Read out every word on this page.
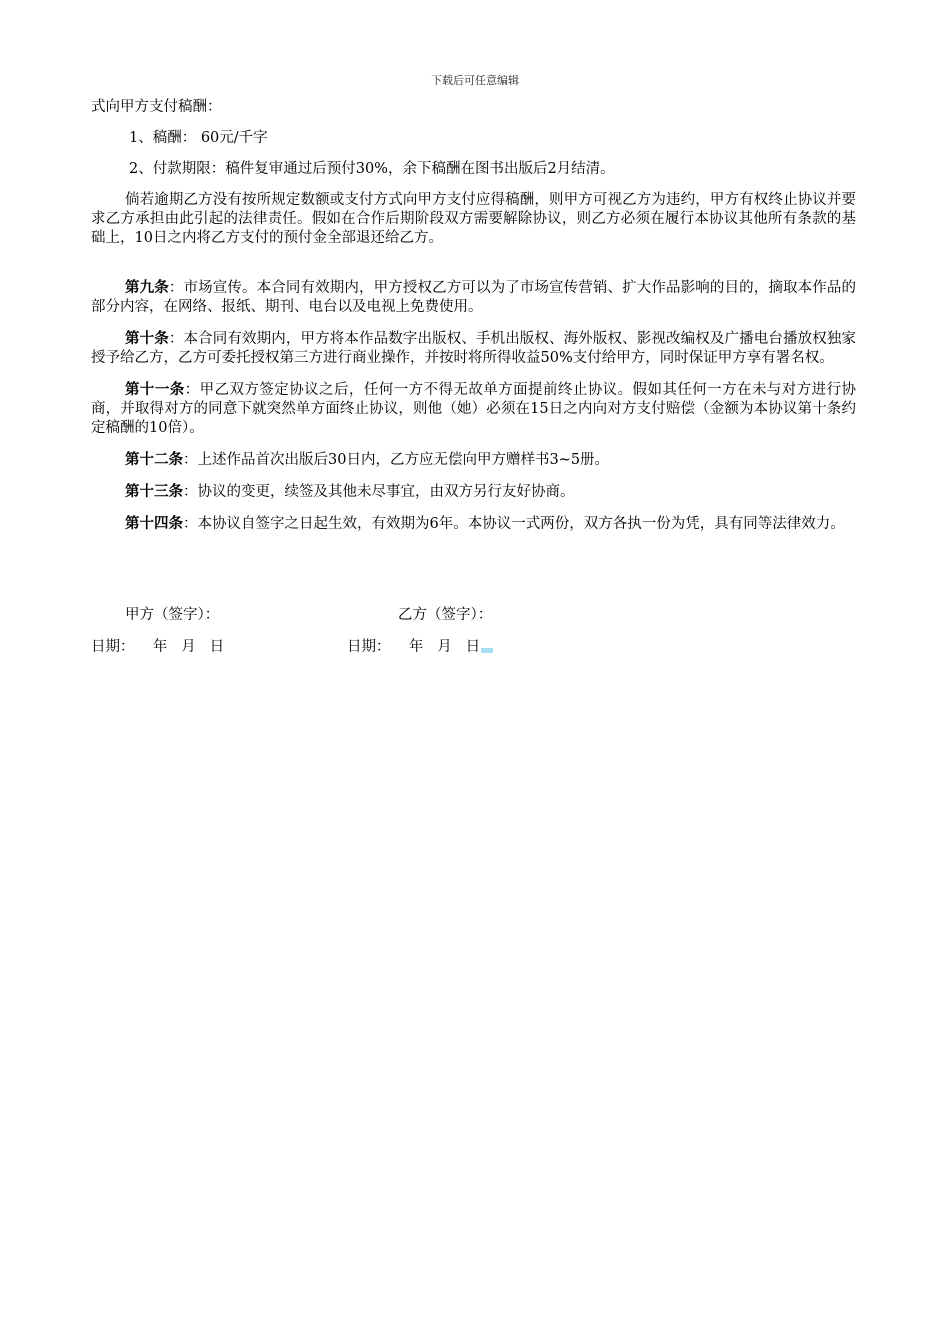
下载后可任意编辑

式向甲方支付稿酬：

1、稿酬： 60元/千字

2、付款期限：稿件复审通过后预付30%，余下稿酬在图书出版后2月结清。

倘若逾期乙方没有按所规定数额或支付方式向甲方支付应得稿酬，则甲方可视乙方为违约，甲方有权终止协议并要求乙方承担由此引起的法律责任。假如在合作后期阶段双方需要解除协议，则乙方必须在履行本协议其他所有条款的基础上，10日之内将乙方支付的预付金全部退还给乙方。

第九条：市场宣传。本合同有效期内，甲方授权乙方可以为了市场宣传营销、扩大作品影响的目的，摘取本作品的部分内容，在网络、报纸、期刊、电台以及电视上免费使用。

第十条：本合同有效期内，甲方将本作品数字出版权、手机出版权、海外版权、影视改编权及广播电台播放权独家授予给乙方，乙方可委托授权第三方进行商业操作，并按时将所得收益50%支付给甲方，同时保证甲方享有署名权。

第十一条：甲乙双方签定协议之后，任何一方不得无故单方面提前终止协议。假如其任何一方在未与对方进行协商，并取得对方的同意下就突然单方面终止协议，则他（她）必须在15日之内向对方支付赔偿（金额为本协议第十条约定稿酬的10倍）。

第十二条：上述作品首次出版后30日内，乙方应无偿向甲方赠样书3~5册。

第十三条：协议的变更，续签及其他未尽事宜，由双方另行友好协商。

第十四条：本协议自签字之日起生效，有效期为6年。本协议一式两份，双方各执一份为凭，具有同等法律效力。

甲方（签字）：	乙方（签字）：
日期：    年   月   日	日期：    年   月   日
